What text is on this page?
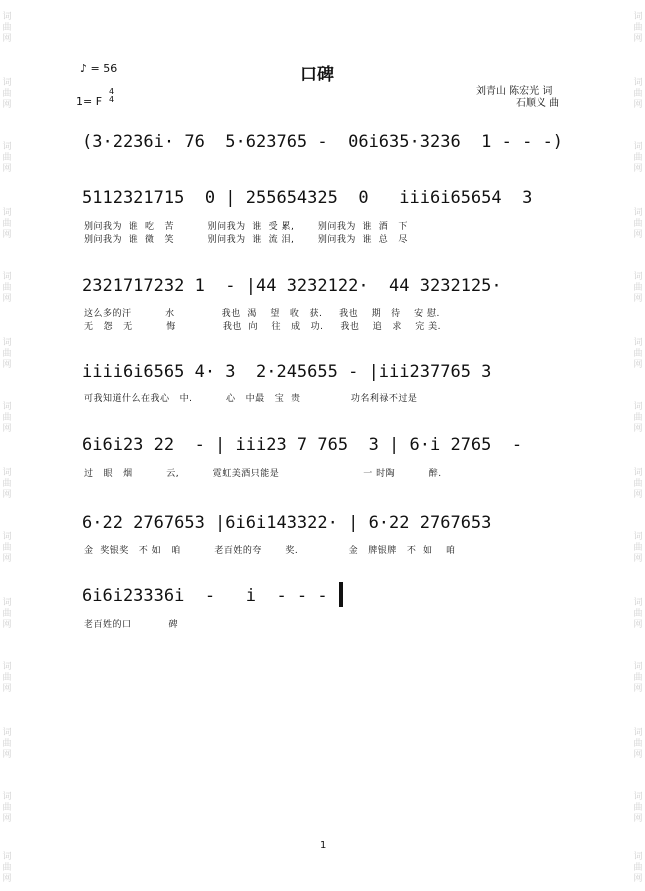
词曲网
词曲网
词曲网
词曲网
词曲网
词曲网
词曲网
词曲网
词曲网
词曲网
词曲网
词曲网
词曲网
词曲网
词曲网
词曲网
词曲网
词曲网
词曲网
词曲网
词曲网
词曲网
词曲网
词曲网
词曲网
词曲网
词曲网
词曲网
♪ = 56	口碑
1= F
4
4
刘青山 陈宏光 词
石顺义 曲
(3·2236i· 76  5·623765 -  06i635·3236  1 - - -)
5112321715  0 | 255654325  0   iii6i65654  3
别问我为  谁  吃   苦          别问我为  谁  受 累,       别问我为  谁  酒   下
别问我为  谁  微   笑          别问我为  谁  流 泪,       别问我为  谁  总   尽
2321717232 1  - |44 3232122·  44 3232125·
这么多的汗          水              我也  渴    望   收   获.     我也    期   待    安 慰.
无   怨   无          悔              我也  向    往   成   功.     我也    追   求    完 美.
iiii6i6565 4· 3  2·245655 - |iii237765 3
可我知道什么在我心   中.          心   中最   宝  贵               功名利禄不过是
6i6i23 22  - | iii23 7 765  3 | 6·i 2765  -
过   眼   烟          云,          霓虹美酒只能是                         一 时陶          醉.
6·22 2767653 |6i6i143322· | 6·22 2767653
金  奖银奖   不 如   咱          老百姓的夸       奖.               金   牌银牌   不  如    咱
6i6i23336i  -   i  - - -
老百姓的口           碑
1
